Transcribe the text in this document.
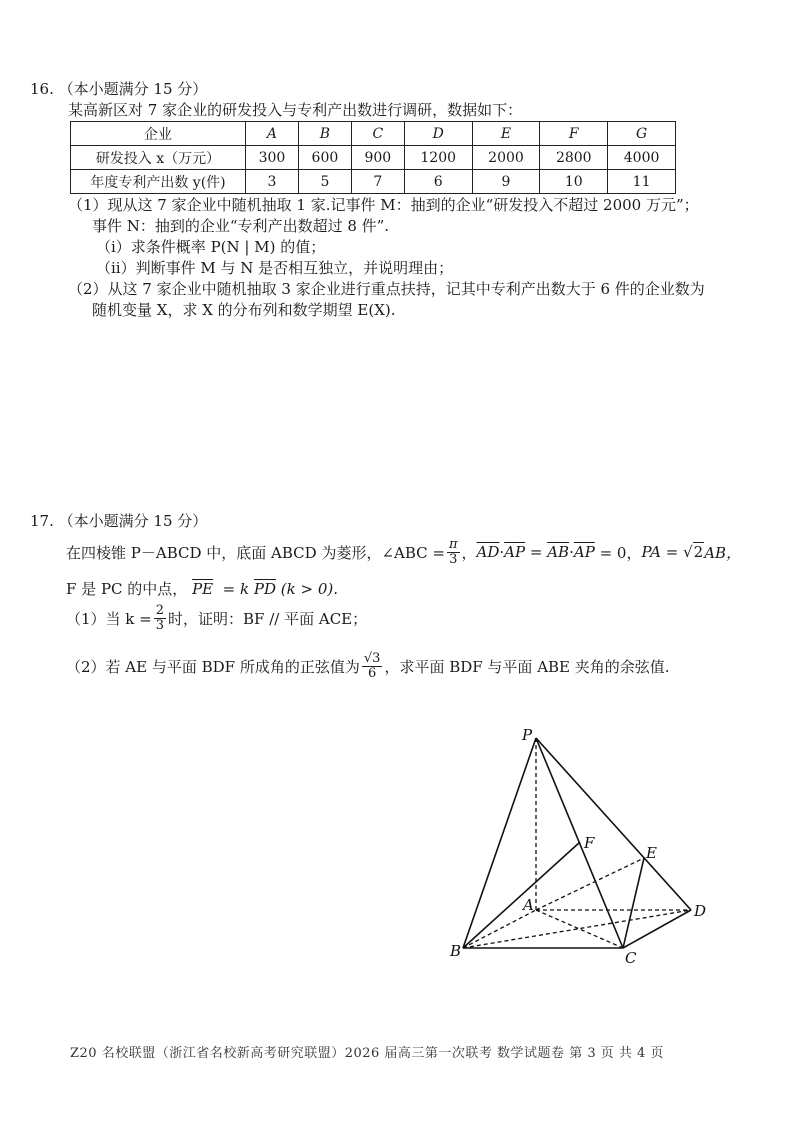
16. （本小题满分 15 分）
某高新区对 7 家企业的研发投入与专利产出数进行调研，数据如下：
企业	A	B	C	D	E	F	G
研发投入 x（万元）	300	600	900	1200	2000	2800	4000
年度专利产出数 y(件)	3	5	7	6	9	10	11
（1）现从这 7 家企业中随机抽取 1 家.记事件 M：抽到的企业“研发投入不超过 2000 万元”；
事件 N：抽到的企业“专利产出数超过 8 件”.
（i）求条件概率 P(N | M) 的值；
（ii）判断事件 M 与 N 是否相互独立，并说明理由；
（2）从这 7 家企业中随机抽取 3 家企业进行重点扶持，记其中专利产出数大于 6 件的企业数为
随机变量 X，求 X 的分布列和数学期望 E(X).
17. （本小题满分 15 分）
在四棱锥 P－ABCD 中，底面 ABCD 为菱形，∠ABC = $\frac{\pi}{3}$ ， $\overline{AD} \cdot \overline{AP} = \overline{AB} \cdot \overline{AP} = 0$， PA = √2 AB，
F 是 PC 的中点， $\overline{PE} = k$ $\overline{PD}$ (k > 0).
（1）当 $k = \frac{2}{3}$ 时，证明：BF // 平面 ACE；
（2）若 AE 与平面 BDF 所成角的正弦值为 $\frac{√3}{6}$ ，求平面 BDF 与平面 ABE 夹角的余弦值.
P
F
E
A	D
B	C
Z20 名校联盟（浙江省名校新高考研究联盟）2026 届高三第一次联考 数学试题卷 第 3 页 共 4 页
